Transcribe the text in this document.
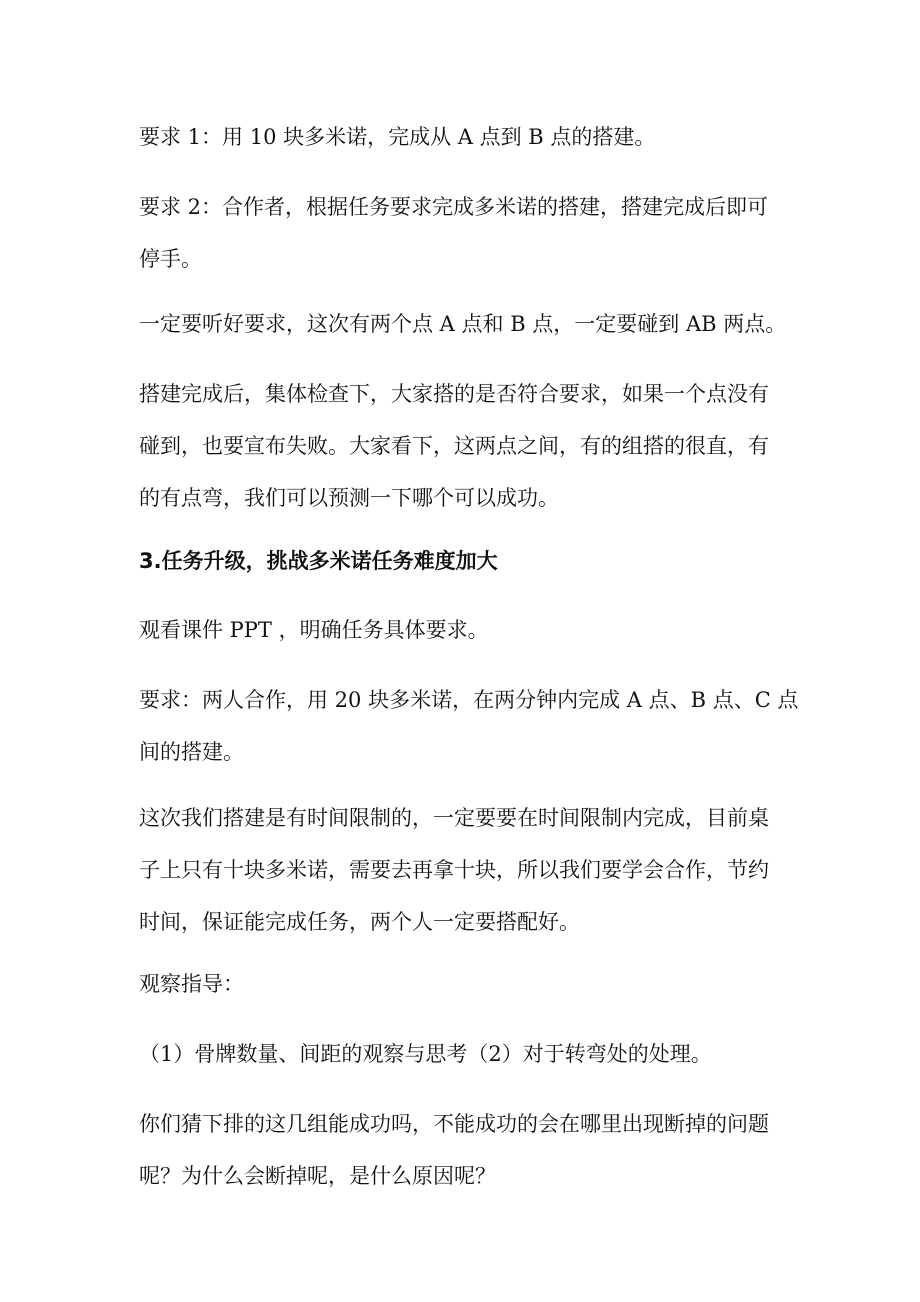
要求 1：用 10 块多米诺，完成从 A 点到 B 点的搭建。

要求 2：合作者，根据任务要求完成多米诺的搭建，搭建完成后即可
停手。

一定要听好要求，这次有两个点 A 点和 B 点，一定要碰到 AB 两点。

搭建完成后，集体检查下，大家搭的是否符合要求，如果一个点没有
碰到，也要宣布失败。大家看下，这两点之间，有的组搭的很直，有
的有点弯，我们可以预测一下哪个可以成功。

3.任务升级，挑战多米诺任务难度加大

观看课件 PPT ，明确任务具体要求。

要求：两人合作，用 20 块多米诺，在两分钟内完成 A 点、B 点、C 点
间的搭建。

这次我们搭建是有时间限制的，一定要要在时间限制内完成，目前桌
子上只有十块多米诺，需要去再拿十块，所以我们要学会合作，节约
时间，保证能完成任务，两个人一定要搭配好。

观察指导：

（1）骨牌数量、间距的观察与思考（2）对于转弯处的处理。

你们猜下排的这几组能成功吗，不能成功的会在哪里出现断掉的问题
呢？为什么会断掉呢，是什么原因呢？
